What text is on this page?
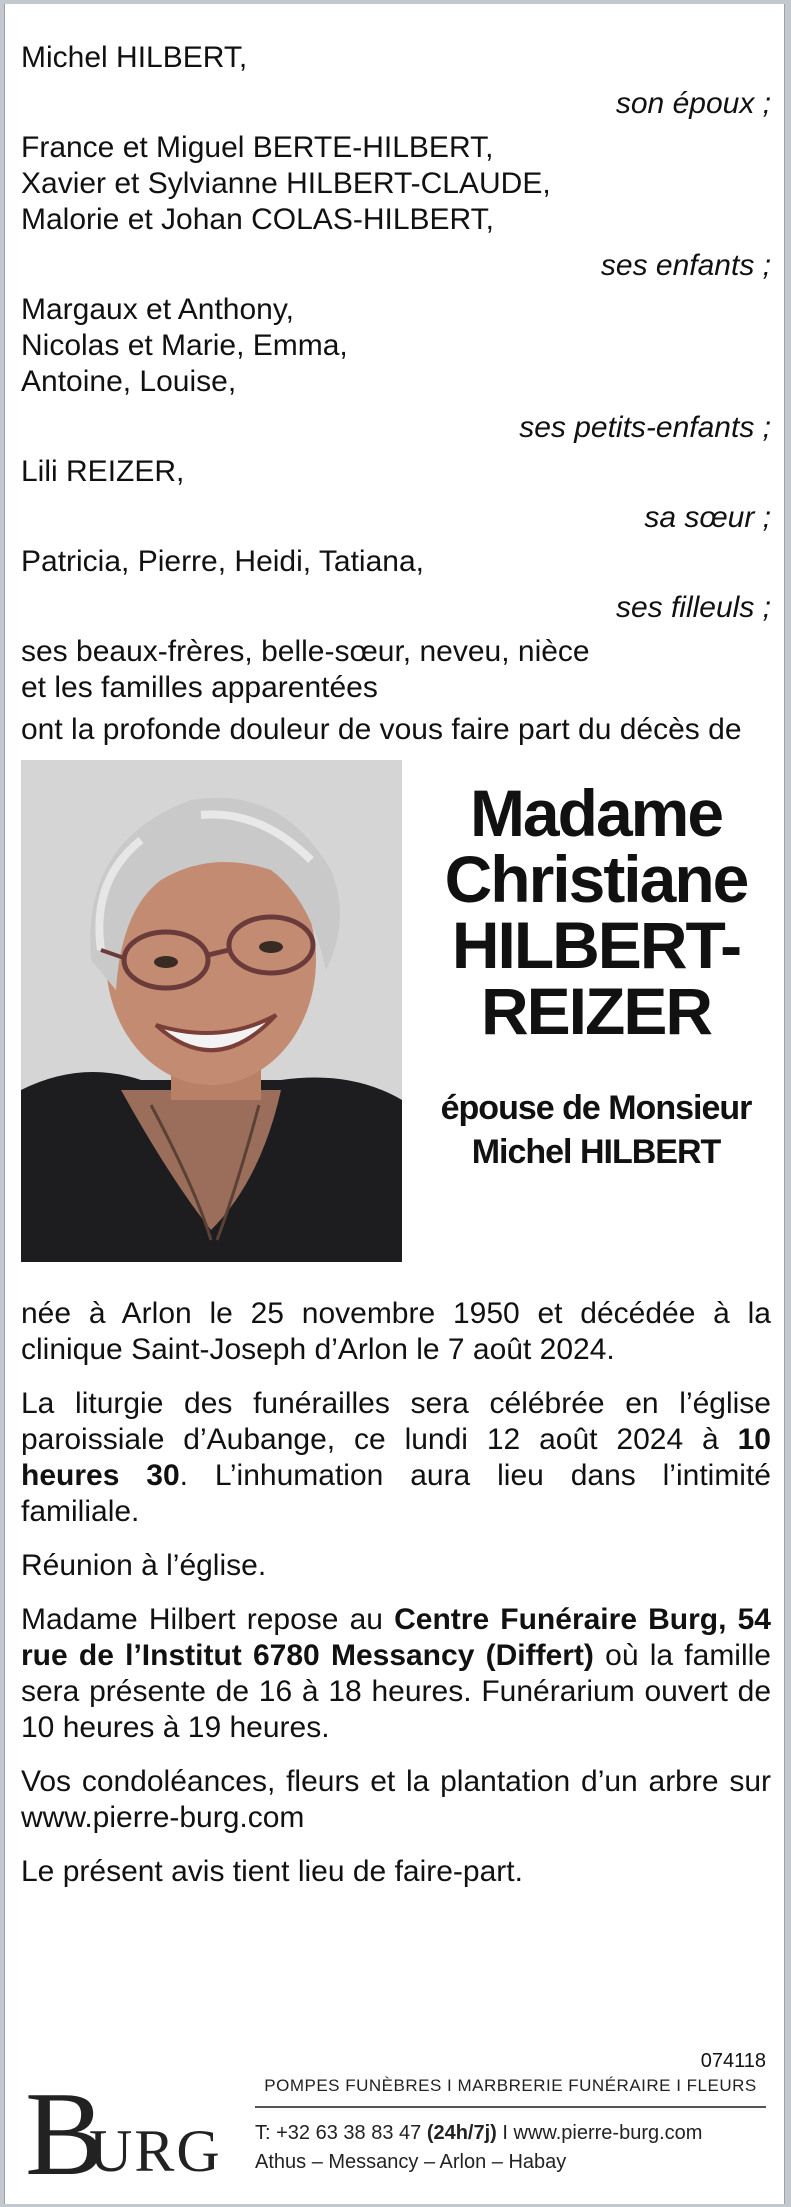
Michel HILBERT,

son époux ;

France et Miguel BERTE-HILBERT,

Xavier et Sylvianne HILBERT-CLAUDE,

Malorie et Johan COLAS-HILBERT,

ses enfants ;

Margaux et Anthony,

Nicolas et Marie, Emma,

Antoine, Louise,

ses petits-enfants ;

Lili REIZER,

sa sœur ;

Patricia, Pierre, Heidi, Tatiana,

ses filleuls ;

ses beaux-frères, belle-sœur, neveu, nièce

et les familles apparentées

ont la profonde douleur de vous faire part du décès de

Madame
Christiane
HILBERT-
REIZER
épouse de Monsieur
Michel HILBERT

née à Arlon le 25 novembre 1950 et décédée à la clinique Saint-Joseph d’Arlon le 7 août 2024.

La liturgie des funérailles sera célébrée en l’église paroissiale d’Aubange, ce lundi 12 août 2024 à 10 heures 30. L’inhumation aura lieu dans l’intimité familiale.

Réunion à l’église.

Madame Hilbert repose au Centre Funéraire Burg, 54 rue de l’Institut 6780 Messancy (Differt) où la famille sera présente de 16 à 18 heures. Funérarium ouvert de 10 heures à 19 heures.

Vos condoléances, fleurs et la plantation d’un arbre sur www.pierre-burg.com

Le présent avis tient lieu de faire-part.

074118
B
URG
POMPES FUNÈBRES I MARBRERIE FUNÉRAIRE I FLEURS
T: +32 63 38 83 47 (24h/7j) I www.pierre-burg.com
Athus – Messancy – Arlon – Habay
